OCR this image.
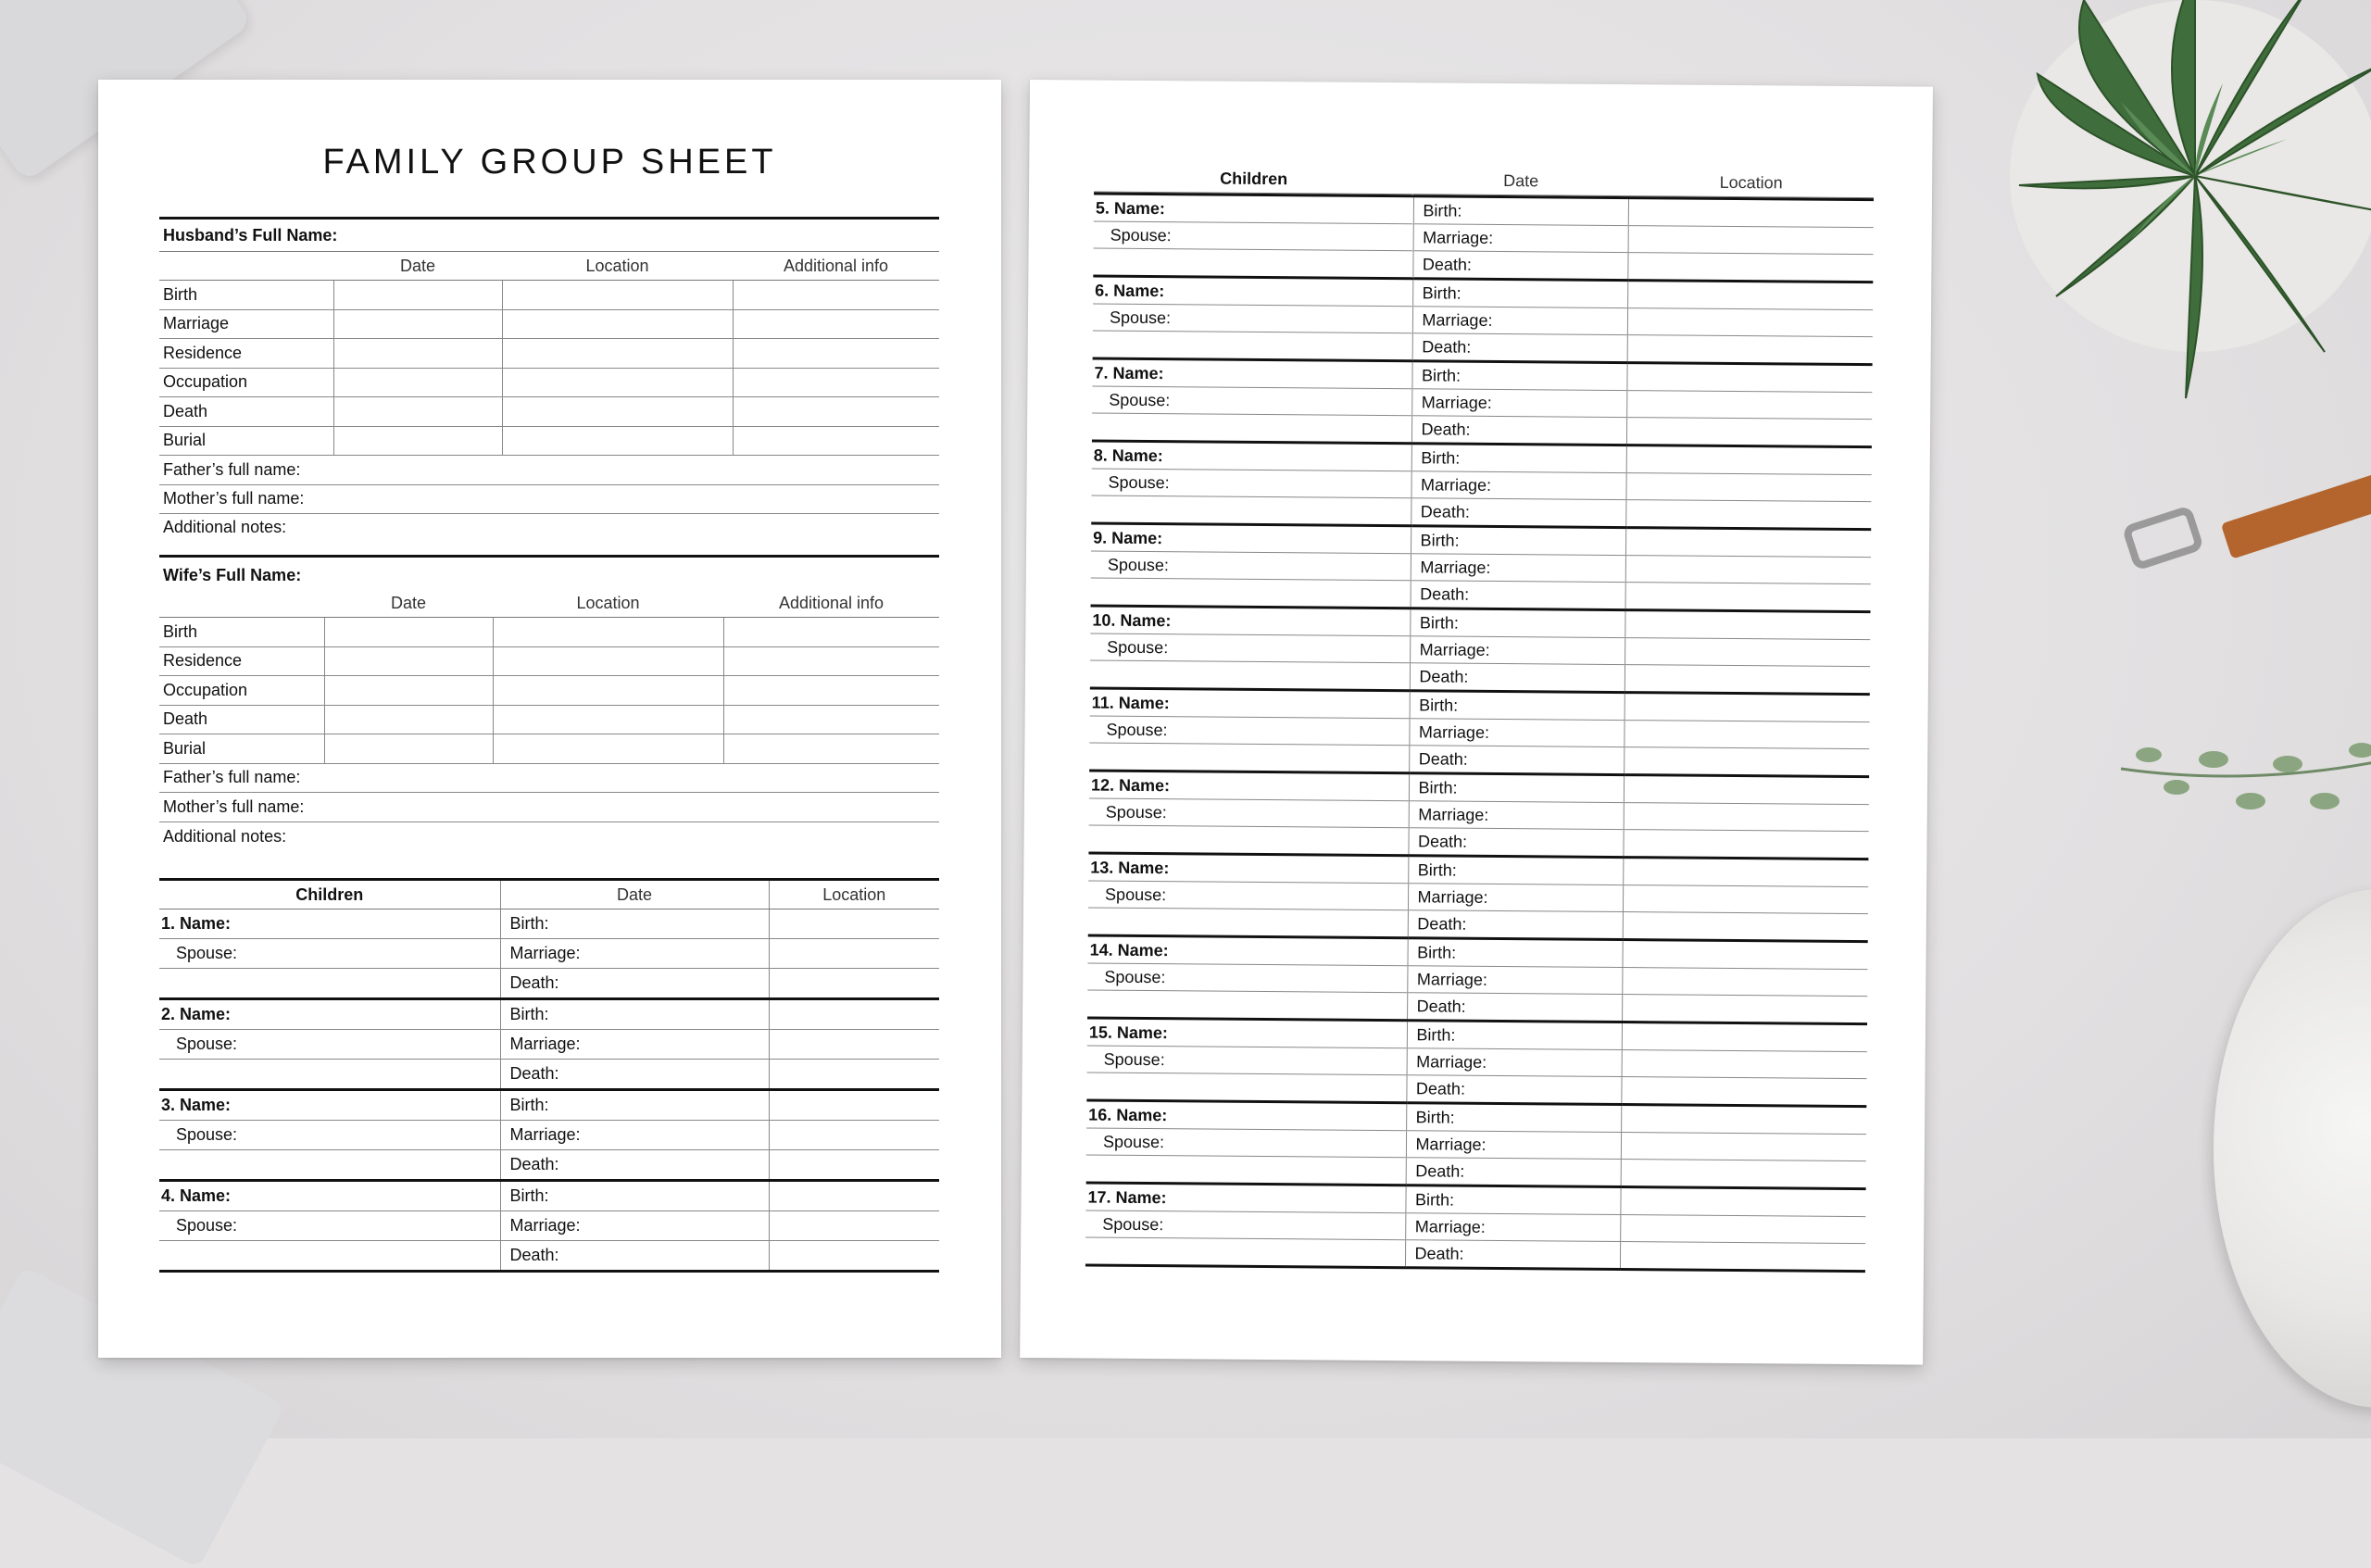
FAMILY GROUP SHEET
Husband’s Full Name:			
	Date	Location	Additional info
Birth			
Marriage			
Residence			
Occupation			
Death			
Burial			
Father’s full name:			
Mother’s full name:			
Additional notes:			
Wife’s Full Name:			
	Date	Location	Additional info
Birth			
Residence			
Occupation			
Death			
Burial			
Father’s full name:			
Mother’s full name:			
Additional notes:			
Children	Date	Location
1. Name:	Birth:	
Spouse:	Marriage:	
	Death:	
2. Name:	Birth:	
Spouse:	Marriage:	
	Death:	
3. Name:	Birth:	
Spouse:	Marriage:	
	Death:	
4. Name:	Birth:	
Spouse:	Marriage:	
	Death:	
Children	Date	Location

5. Name:	Birth:	
Spouse:	Marriage:	
	Death:	
6. Name:	Birth:	
Spouse:	Marriage:	
	Death:	
7. Name:	Birth:	
Spouse:	Marriage:	
	Death:	
8. Name:	Birth:	
Spouse:	Marriage:	
	Death:	
9. Name:	Birth:	
Spouse:	Marriage:	
	Death:	
10. Name:	Birth:	
Spouse:	Marriage:	
	Death:	
11. Name:	Birth:	
Spouse:	Marriage:	
	Death:	
12. Name:	Birth:	
Spouse:	Marriage:	
	Death:	
13. Name:	Birth:	
Spouse:	Marriage:	
	Death:	
14. Name:	Birth:	
Spouse:	Marriage:	
	Death:	
15. Name:	Birth:	
Spouse:	Marriage:	
	Death:	
16. Name:	Birth:	
Spouse:	Marriage:	
	Death:	
17. Name:	Birth:	
Spouse:	Marriage:	
	Death:	
